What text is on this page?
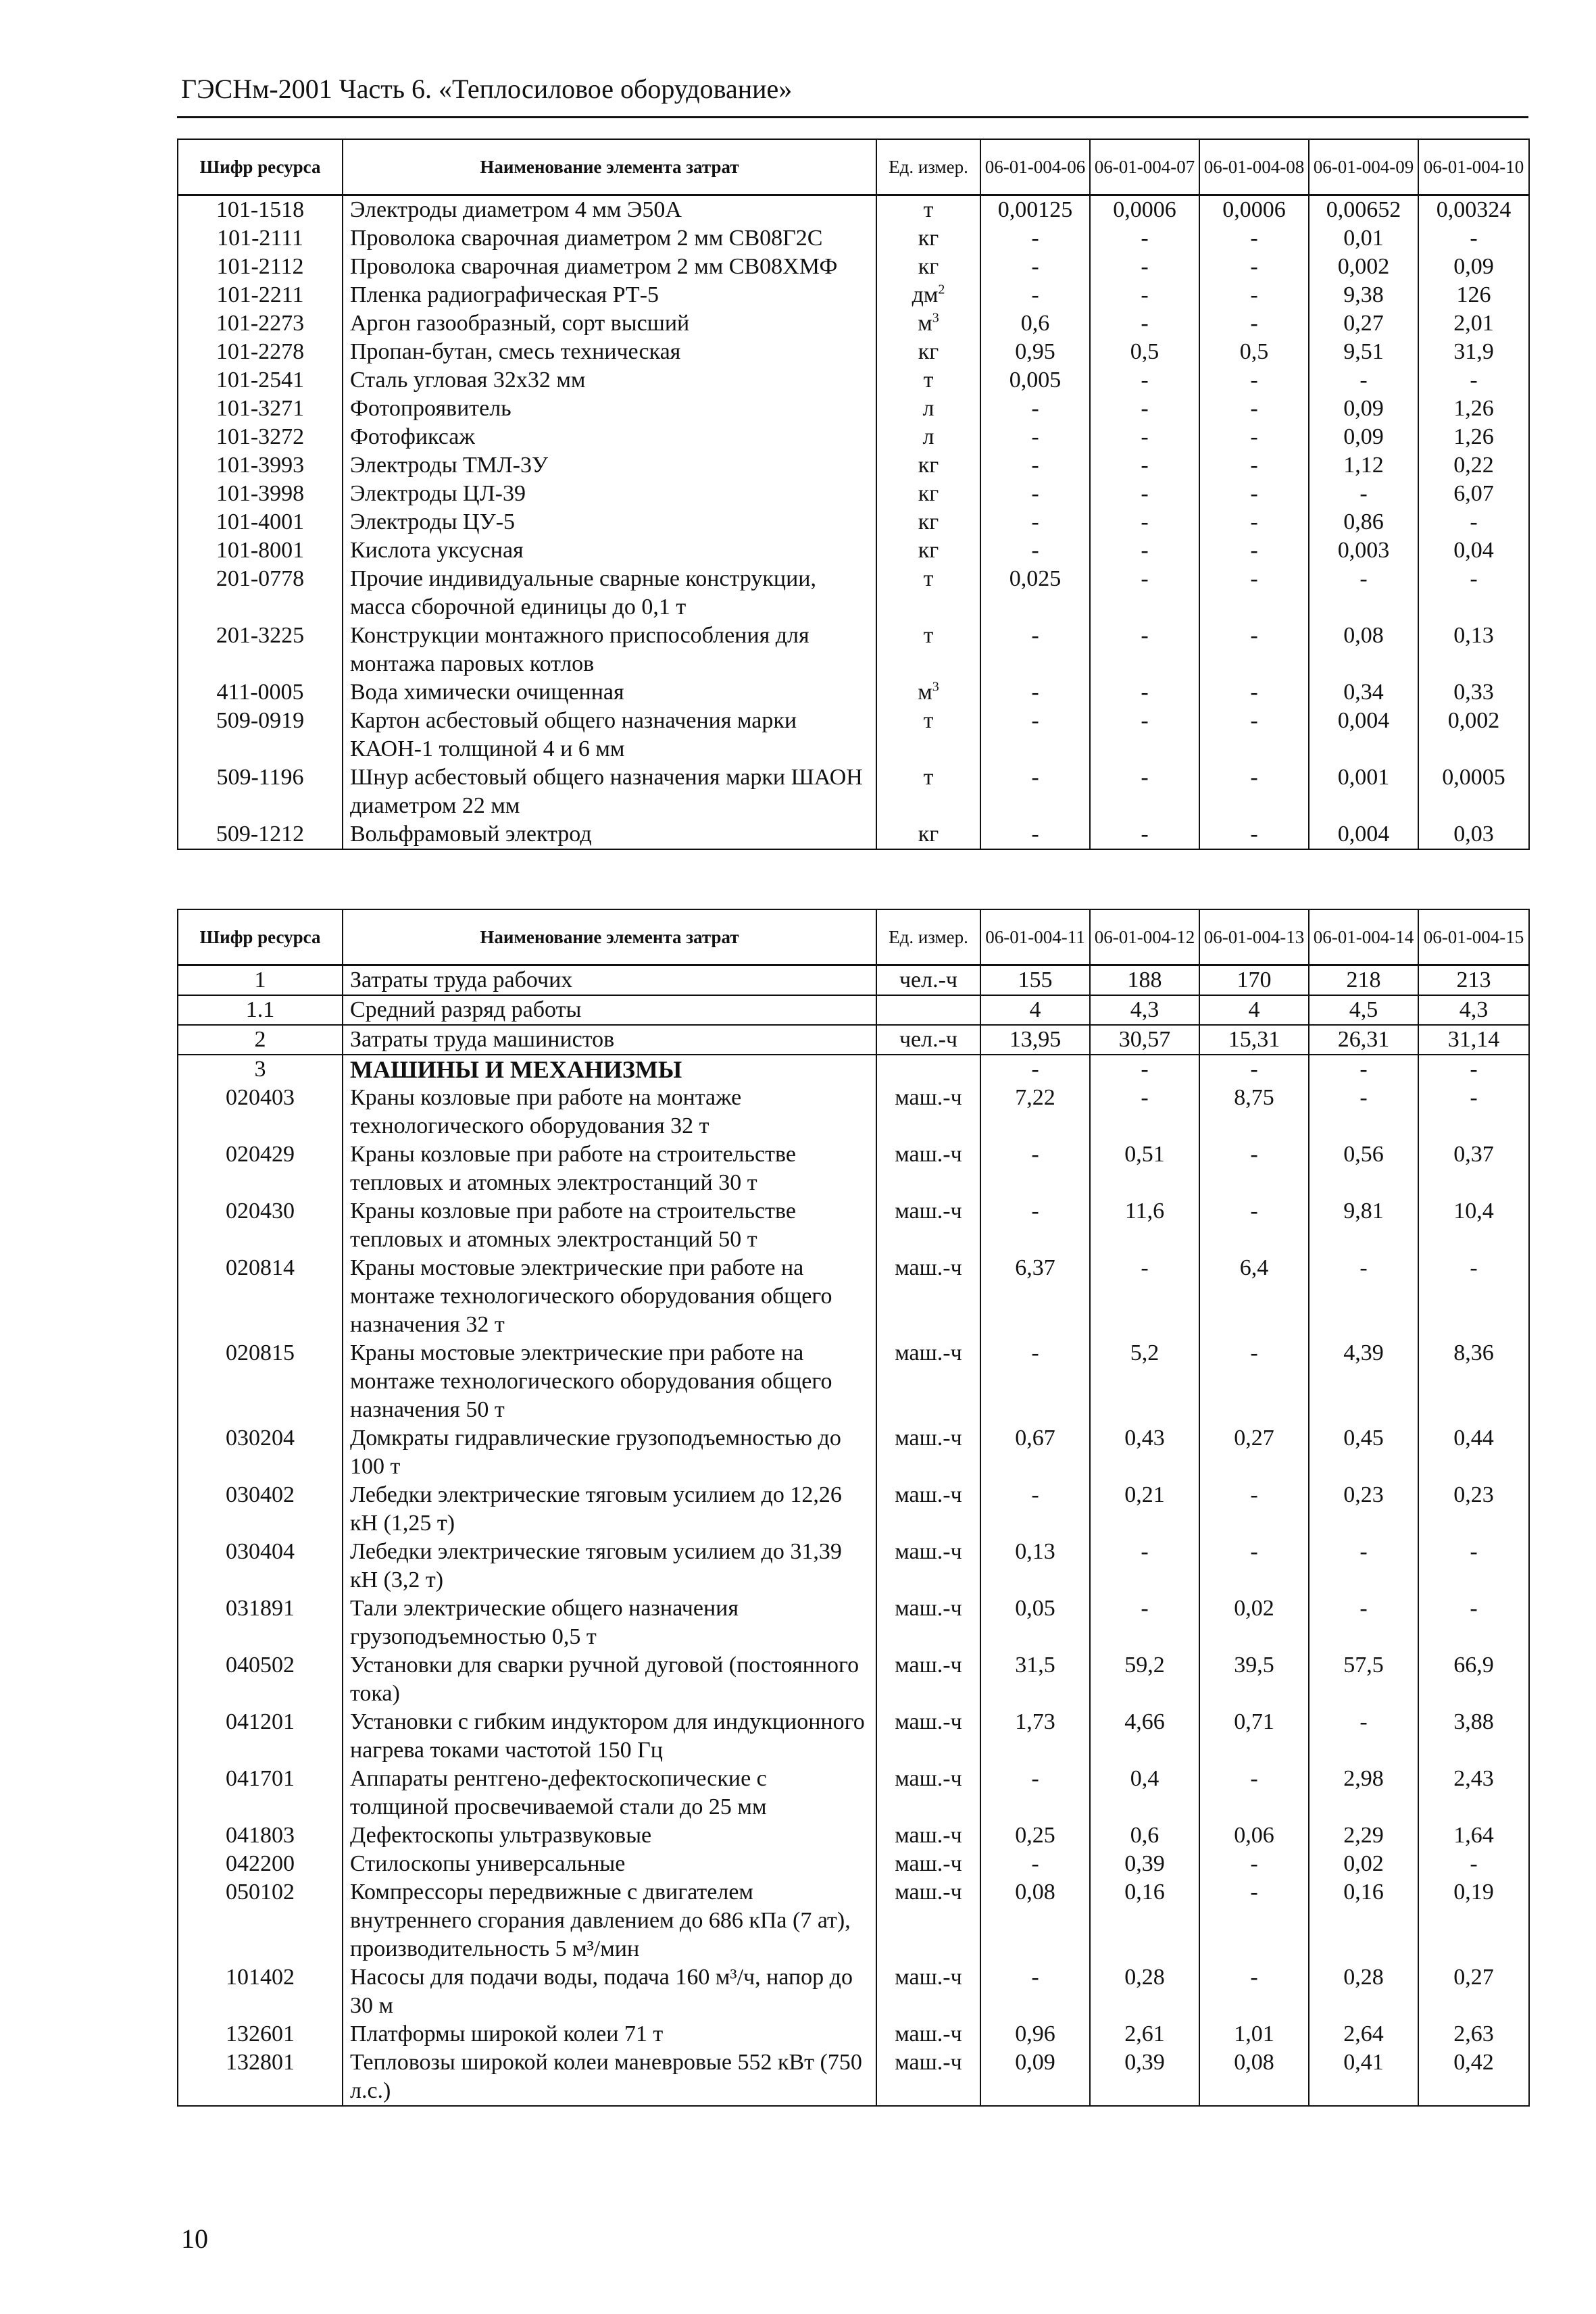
ГЭСНм-2001 Часть 6. «Теплосиловое оборудование»
Шифр ресурса	Наименование элемента затрат	Ед. измер.	06-01-004-06	06-01-004-07	06-01-004-08	06-01-004-09	06-01-004-10
101-1518	Электроды диаметром 4 мм Э50А	т	0,00125	0,0006	0,0006	0,00652	0,00324
101-2111	Проволока сварочная диаметром 2 мм СВ08Г2С	кг	-	-	-	0,01	-
101-2112	Проволока сварочная диаметром 2 мм СВ08ХМФ	кг	-	-	-	0,002	0,09
101-2211	Пленка радиографическая РТ-5	$дм^2$	-	-	-	9,38	126
101-2273	Аргон газообразный, сорт высший	$м^3$	0,6	-	-	0,27	2,01
101-2278	Пропан-бутан, смесь техническая	кг	0,95	0,5	0,5	9,51	31,9
101-2541	Сталь угловая 32х32 мм	т	0,005	-	-	-	-
101-3271	Фотопроявитель	л	-	-	-	0,09	1,26
101-3272	Фотофиксаж	л	-	-	-	0,09	1,26
101-3993	Электроды ТМЛ-3У	кг	-	-	-	1,12	0,22
101-3998	Электроды ЦЛ-39	кг	-	-	-	-	6,07
101-4001	Электроды ЦУ-5	кг	-	-	-	0,86	-
101-8001	Кислота уксусная	кг	-	-	-	0,003	0,04
201-0778	Прочие индивидуальные сварные конструкции, масса сборочной единицы до 0,1 т	т	0,025	-	-	-	-
201-3225	Конструкции монтажного приспособления для монтажа паровых котлов	т	-	-	-	0,08	0,13
411-0005	Вода химически очищенная	$м^3$	-	-	-	0,34	0,33
509-0919	Картон асбестовый общего назначения марки КАОН-1 толщиной 4 и 6 мм	т	-	-	-	0,004	0,002
509-1196	Шнур асбестовый общего назначения марки ШАОН диаметром 22 мм	т	-	-	-	0,001	0,0005
509-1212	Вольфрамовый электрод	кг	-	-	-	0,004	0,03
Шифр ресурса	Наименование элемента затрат	Ед. измер.	06-01-004-11	06-01-004-12	06-01-004-13	06-01-004-14	06-01-004-15
1	Затраты труда рабочих	чел.-ч	155	188	170	218	213
1.1	Средний разряд работы		4	4,3	4	4,5	4,3
2	Затраты труда машинистов	чел.-ч	13,95	30,57	15,31	26,31	31,14
3	МАШИНЫ И МЕХАНИЗМЫ		-	-	-	-	-
020403	Краны козловые при работе на монтаже технологического оборудования 32 т	маш.-ч	7,22	-	8,75	-	-
020429	Краны козловые при работе на строительстве тепловых и атомных электростанций 30 т	маш.-ч	-	0,51	-	0,56	0,37
020430	Краны козловые при работе на строительстве тепловых и атомных электростанций 50 т	маш.-ч	-	11,6	-	9,81	10,4
020814	Краны мостовые электрические при работе на монтаже технологического оборудования общего назначения 32 т	маш.-ч	6,37	-	6,4	-	-
020815	Краны мостовые электрические при работе на монтаже технологического оборудования общего назначения 50 т	маш.-ч	-	5,2	-	4,39	8,36
030204	Домкраты гидравлические грузоподъемностью до 100 т	маш.-ч	0,67	0,43	0,27	0,45	0,44
030402	Лебедки электрические тяговым усилием до 12,26 кН (1,25 т)	маш.-ч	-	0,21	-	0,23	0,23
030404	Лебедки электрические тяговым усилием до 31,39 кН (3,2 т)	маш.-ч	0,13	-	-	-	-
031891	Тали электрические общего назначения грузоподъемностью 0,5 т	маш.-ч	0,05	-	0,02	-	-
040502	Установки для сварки ручной дуговой (постоянного тока)	маш.-ч	31,5	59,2	39,5	57,5	66,9
041201	Установки с гибким индуктором для индукционного нагрева токами частотой 150 Гц	маш.-ч	1,73	4,66	0,71	-	3,88
041701	Аппараты рентгено-дефектоскопические с толщиной просвечиваемой стали до 25 мм	маш.-ч	-	0,4	-	2,98	2,43
041803	Дефектоскопы ультразвуковые	маш.-ч	0,25	0,6	0,06	2,29	1,64
042200	Стилоскопы универсальные	маш.-ч	-	0,39	-	0,02	-
050102	Компрессоры передвижные с двигателем внутреннего сгорания давлением до 686 кПа (7 ат), производительность 5 м³/мин	маш.-ч	0,08	0,16	-	0,16	0,19
101402	Насосы для подачи воды, подача 160 м³/ч, напор до 30 м	маш.-ч	-	0,28	-	0,28	0,27
132601	Платформы широкой колеи 71 т	маш.-ч	0,96	2,61	1,01	2,64	2,63
132801	Тепловозы широкой колеи маневровые 552 кВт (750 л.с.)	маш.-ч	0,09	0,39	0,08	0,41	0,42
10
